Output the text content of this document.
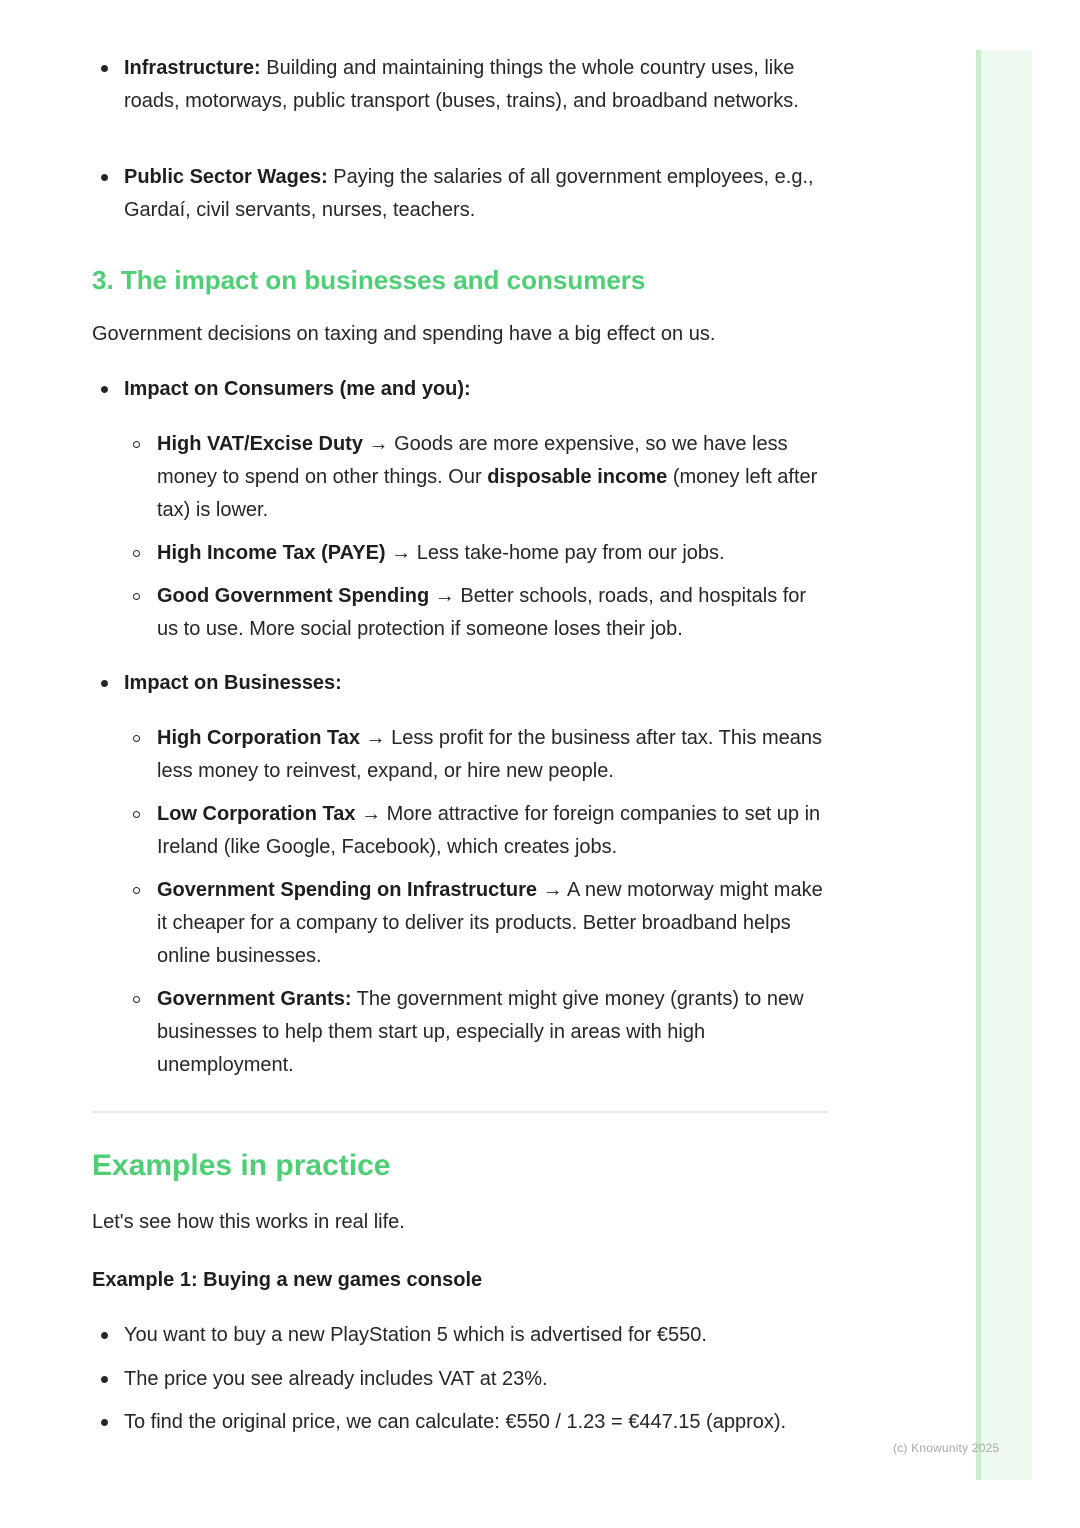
Infrastructure: Building and maintaining things the whole country uses, like roads, motorways, public transport (buses, trains), and broadband networks.
Public Sector Wages: Paying the salaries of all government employees, e.g., Gardaí, civil servants, nurses, teachers.
3. The impact on businesses and consumers
Government decisions on taxing and spending have a big effect on us.
Impact on Consumers (me and you):
High VAT/Excise Duty → Goods are more expensive, so we have less money to spend on other things. Our disposable income (money left after tax) is lower.
High Income Tax (PAYE) → Less take-home pay from our jobs.
Good Government Spending → Better schools, roads, and hospitals for us to use. More social protection if someone loses their job.
Impact on Businesses:
High Corporation Tax → Less profit for the business after tax. This means less money to reinvest, expand, or hire new people.
Low Corporation Tax → More attractive for foreign companies to set up in Ireland (like Google, Facebook), which creates jobs.
Government Spending on Infrastructure → A new motorway might make it cheaper for a company to deliver its products. Better broadband helps online businesses.
Government Grants: The government might give money (grants) to new businesses to help them start up, especially in areas with high unemployment.
Examples in practice
Let's see how this works in real life.
Example 1: Buying a new games console
You want to buy a new PlayStation 5 which is advertised for €550.
The price you see already includes VAT at 23%.
To find the original price, we can calculate: €550 / 1.23 = €447.15 (approx).
(c) Knowunity 2025
